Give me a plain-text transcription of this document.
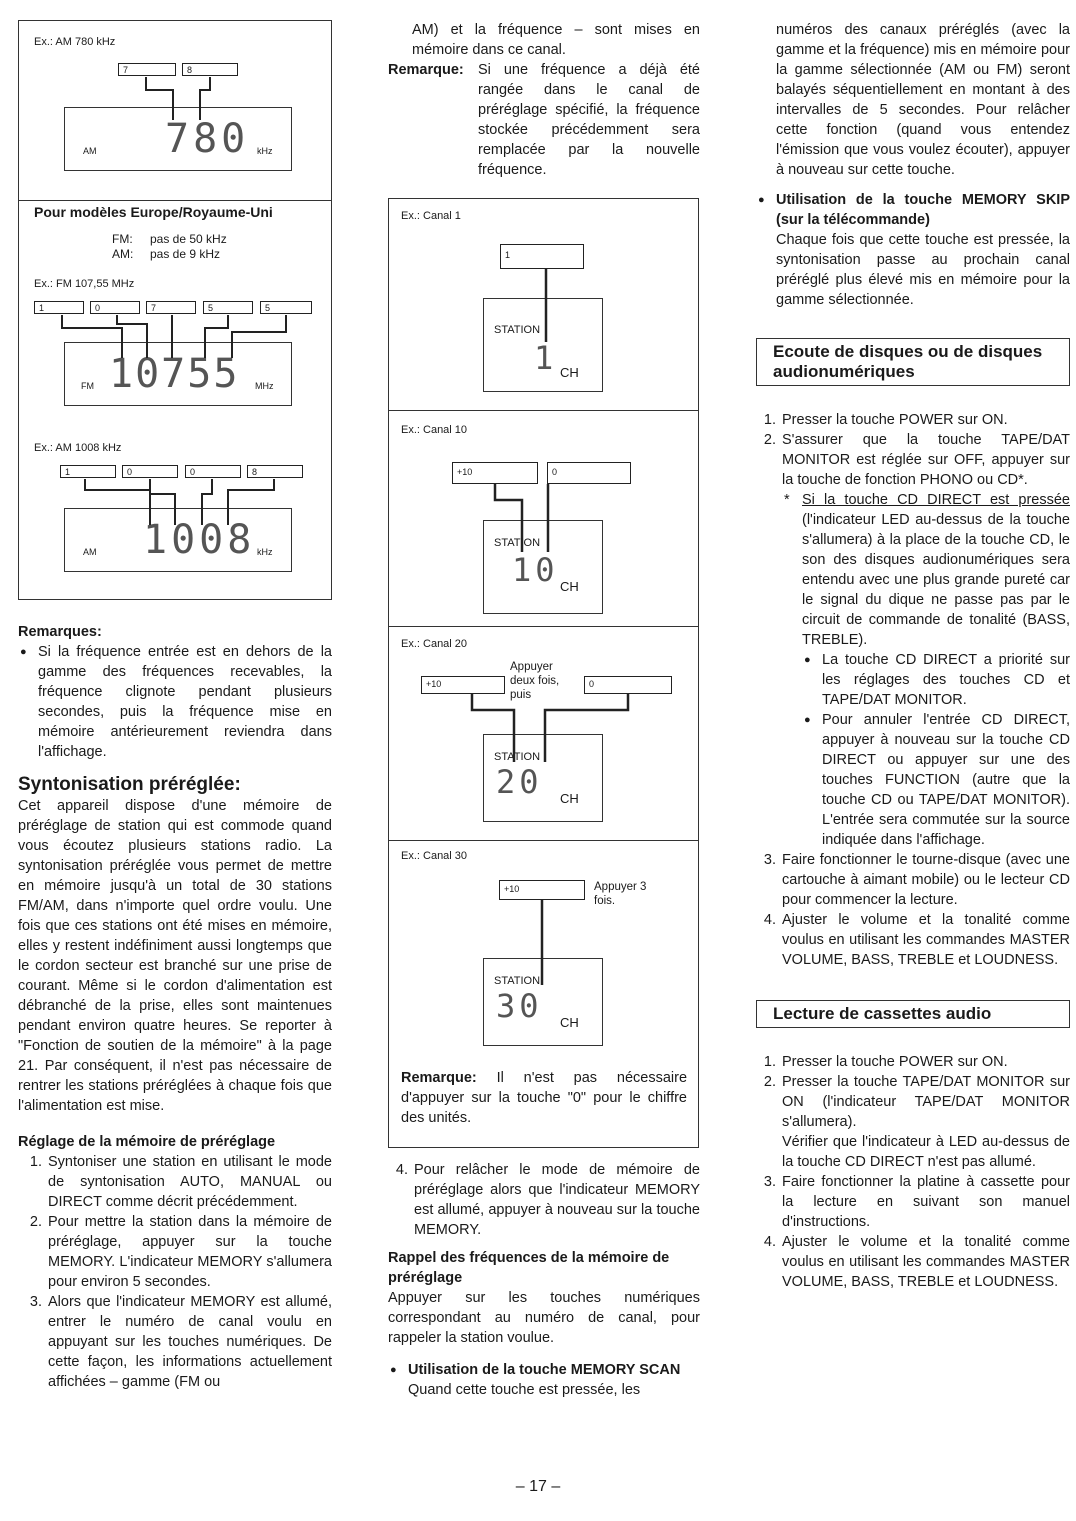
Ex.: AM 780 kHz
7	8
AM 780 kHz
Pour modèles Europe/Royaume-Uni
FM: pas de 50 kHz
AM: pas de 9 kHz
Ex.: FM 107,55 MHz
1	0	7	5	5
FM 10755 MHz
Ex.: AM 1008 kHz
1	0	0	8
AM 1008 kHz
Remarques:
● Si la fréquence entrée est en dehors de la gamme des fréquences recevables, la fréquence clignote pendant plusieurs secondes, puis la fréquence mise en mémoire antérieurement reviendra dans l'affichage.
Syntonisation préréglée:
Cet appareil dispose d'une mémoire de préréglage de station qui est commode quand vous écoutez plusieurs stations radio. La syntonisation préréglée vous permet de mettre en mémoire jusqu'à un total de 30 stations FM/AM, dans n'importe quel ordre voulu. Une fois que ces stations ont été mises en mémoire, elles y restent indéfiniment aussi longtemps que le cordon secteur est branché sur une prise de courant. Même si le cordon d'alimentation est débranché de la prise, elles sont maintenues pendant environ quatre heures. Se reporter à "Fonction de soutien de la mémoire" à la page 21. Par conséquent, il n'est pas nécessaire de rentrer les stations préréglées à chaque fois que l'alimentation est mise.
Réglage de la mémoire de préréglage
1. Syntoniser une station en utilisant le mode de syntonisation AUTO, MANUAL ou DIRECT comme décrit précédemment.
2. Pour mettre la station dans la mémoire de préréglage, appuyer sur la touche MEMORY. L'indicateur MEMORY s'allumera pour environ 5 secondes.
3. Alors que l'indicateur MEMORY est allumé, entrer le numéro de canal voulu en appuyant sur les touches numériques. De cette façon, les informations actuellement affichées – gamme (FM ou
AM) et la fréquence – sont mises en mémoire dans ce canal.
Remarque: Si une fréquence a déjà été rangée dans le canal de préréglage spécifié, la fréquence stockée précédemment sera remplacée par la nouvelle fréquence.
Ex.: Canal 1
1
STATION
1 CH
Ex.: Canal 10
+10	0
STATION
10 CH
Ex.: Canal 20
+10
Appuyer deux fois, puis
0
STATION
20 CH
Ex.: Canal 30
+10	Appuyer 3 fois.
STATION
30 CH
Remarque: Il n'est pas nécessaire d'appuyer sur la touche "0" pour le chiffre des unités.
4. Pour relâcher le mode de mémoire de préréglage alors que l'indicateur MEMORY est allumé, appuyer à nouveau sur la touche MEMORY.
Rappel des fréquences de la mémoire de préréglage
Appuyer sur les touches numériques correspondant au numéro de canal, pour rappeler la station voulue.
● Utilisation de la touche MEMORY SCAN
Quand cette touche est pressée, les
numéros des canaux préréglés (avec la gamme et la fréquence) mis en mémoire pour la gamme sélectionnée (AM ou FM) seront balayés séquentiellement en montant à des intervalles de 5 secondes. Pour relâcher cette fonction (quand vous entendez l'émission que vous voulez écouter), appuyer à nouveau sur cette touche.
● Utilisation de la touche MEMORY SKIP (sur la télécommande)
Chaque fois que cette touche est pressée, la syntonisation passe au prochain canal préréglé plus élevé mis en mémoire pour la gamme sélectionnée.
Ecoute de disques ou de disques audionumériques
1. Presser la touche POWER sur ON.
2. S'assurer que la touche TAPE/DAT MONITOR est réglée sur OFF, appuyer sur la touche de fonction PHONO ou CD*.
* Si la touche CD DIRECT est pressée (l'indicateur LED au-dessus de la touche s'allumera) à la place de la touche CD, le son des disques audionumériques sera entendu avec une plus grande pureté car le signal du dique ne passe pas par le circuit de commande de tonalité (BASS, TREBLE).
● La touche CD DIRECT a priorité sur les réglages des touches CD et TAPE/DAT MONITOR.
● Pour annuler l'entrée CD DIRECT, appuyer à nouveau sur la touche CD DIRECT ou appuyer sur une des touches FUNCTION (autre que la touche CD ou TAPE/DAT MONITOR). L'entrée sera commutée sur la source indiquée dans l'affichage.
3. Faire fonctionner le tourne-disque (avec une cartouche à aimant mobile) ou le lecteur CD pour commencer la lecture.
4. Ajuster le volume et la tonalité comme voulus en utilisant les commandes MASTER VOLUME, BASS, TREBLE et LOUDNESS.
Lecture de cassettes audio
1. Presser la touche POWER sur ON.
2. Presser la touche TAPE/DAT MONITOR sur ON (l'indicateur TAPE/DAT MONITOR s'allumera).
Vérifier que l'indicateur à LED au-dessus de la touche CD DIRECT n'est pas allumé.
3. Faire fonctionner la platine à cassette pour la lecture en suivant son manuel d'instructions.
4. Ajuster le volume et la tonalité comme voulus en utilisant les commandes MASTER VOLUME, BASS, TREBLE et LOUDNESS.
– 17 –
